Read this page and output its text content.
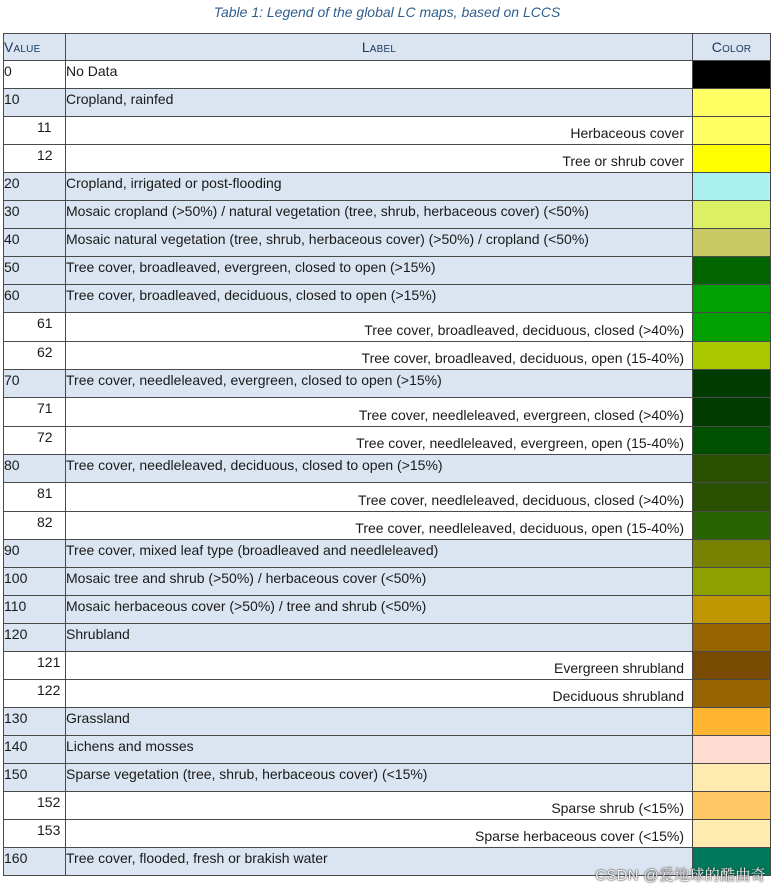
Table 1: Legend of the global LC maps, based on LCCS
Value	Label	Color
0	No Data	
10	Cropland, rainfed	
11	Herbaceous cover	
12	Tree or shrub cover	
20	Cropland, irrigated or post-flooding	
30	Mosaic cropland (>50%) / natural vegetation (tree, shrub, herbaceous cover) (<50%)	
40	Mosaic natural vegetation (tree, shrub, herbaceous cover) (>50%) / cropland (<50%)	
50	Tree cover, broadleaved, evergreen, closed to open (>15%)	
60	Tree cover, broadleaved, deciduous, closed to open (>15%)	
61	Tree cover, broadleaved, deciduous, closed (>40%)	
62	Tree cover, broadleaved, deciduous, open (15-40%)	
70	Tree cover, needleleaved, evergreen, closed to open (>15%)	
71	Tree cover, needleleaved, evergreen, closed (>40%)	
72	Tree cover, needleleaved, evergreen, open (15-40%)	
80	Tree cover, needleleaved, deciduous, closed to open (>15%)	
81	Tree cover, needleleaved, deciduous, closed (>40%)	
82	Tree cover, needleleaved, deciduous, open (15-40%)	
90	Tree cover, mixed leaf type (broadleaved and needleleaved)	
100	Mosaic tree and shrub (>50%) / herbaceous cover (<50%)	
110	Mosaic herbaceous cover (>50%) / tree and shrub (<50%)	
120	Shrubland	
121	Evergreen shrubland	
122	Deciduous shrubland	
130	Grassland	
140	Lichens and mosses	
150	Sparse vegetation (tree, shrub, herbaceous cover) (<15%)	
152	Sparse shrub (<15%)	
153	Sparse herbaceous cover (<15%)	
160	Tree cover, flooded, fresh or brakish water	
CSDN @爱地球的酷曲奇
